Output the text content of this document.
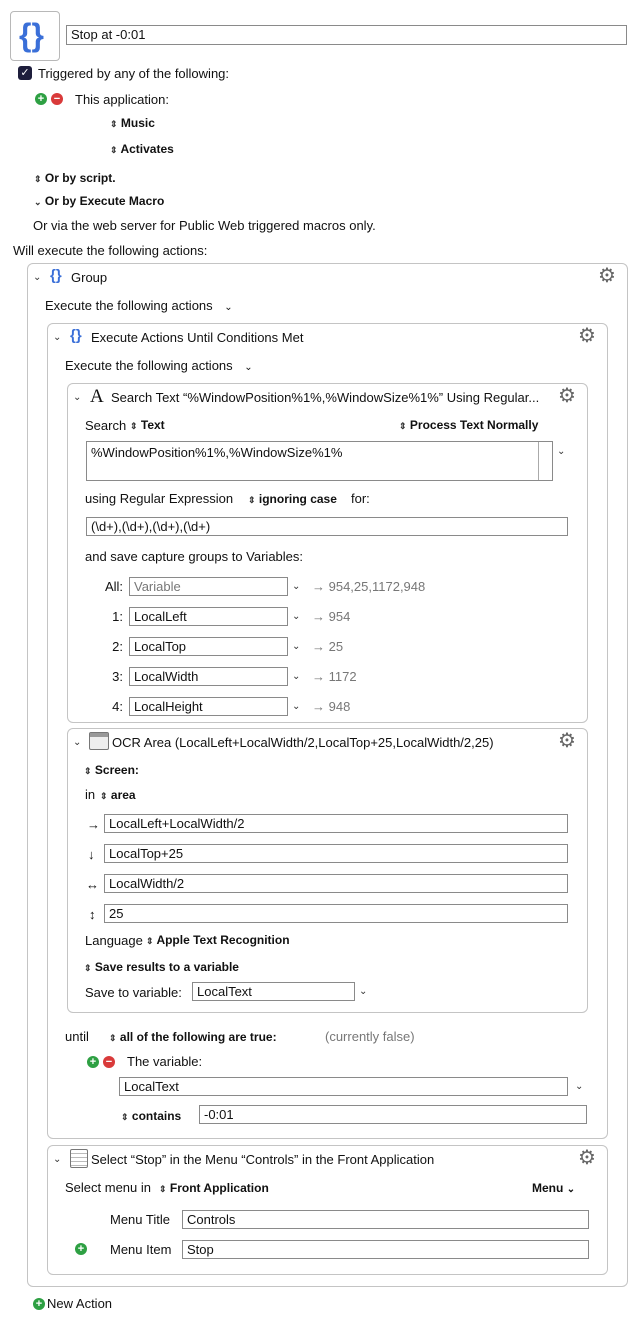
{}	Stop at -0:01
✓ Triggered by any of the following:
+ − This application:
⇕ Music
⇕ Activates
⇕ Or by script.
⌄ Or by Execute Macro
Or via the web server for Public Web triggered macros only.
Will execute the following actions:
⌄ {} Group	⚙
Execute the following actions ⌄
⌄ {} Execute Actions Until Conditions Met	⚙
Execute the following actions ⌄
⌄ A Search Text “%WindowPosition%1%,%WindowSize%1%” Using Regular... ⚙
Search ⇕ Text	⇕ Process Text Normally
%WindowPosition%1%,%WindowSize%1%	⌄
using Regular Expression ⇕ ignoring case for:
(\d+),(\d+),(\d+),(\d+)
and save capture groups to Variables:
All: Variable	⌄ → 954,25,1172,948
1: LocalLeft	⌄ → 954
2: LocalTop	⌄ → 25
3: LocalWidth	⌄ → 1172
4: LocalHeight	⌄ → 948
⌄ OCR Area (LocalLeft+LocalWidth/2,LocalTop+25,LocalWidth/2,25)	⚙
⇕ Screen:
in ⇕ area
→ LocalLeft+LocalWidth/2
↓	LocalTop+25
↔ LocalWidth/2
↕	25
Language ⇕ Apple Text Recognition
⇕ Save results to a variable
Save to variable:	LocalText	⌄
until ⇕ all of the following are true:	(currently false)
+ − The variable:
LocalText	⌄
⇕ contains	-0:01
⌄ Select “Stop” in the Menu “Controls” in the Front Application	⚙
Select menu in ⇕ Front Application	Menu ⌄
Menu Title	Controls
+ Menu Item	Stop
+ New Action
